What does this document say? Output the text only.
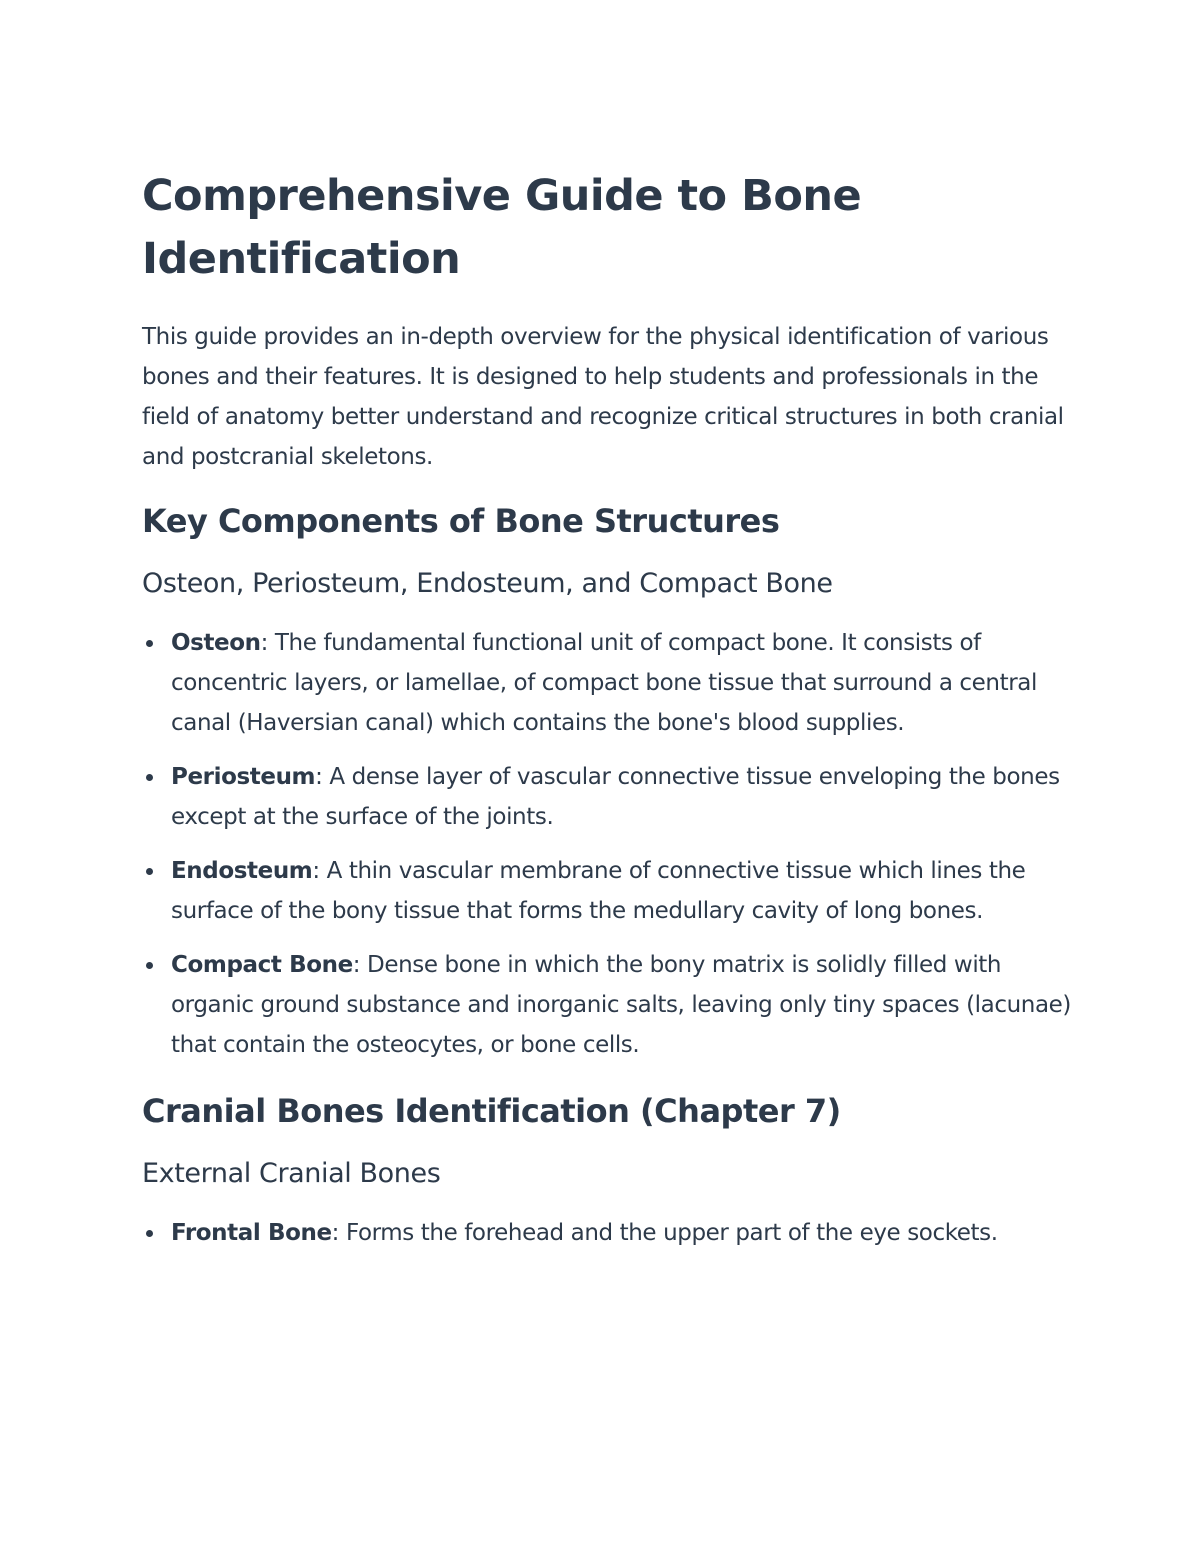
Comprehensive Guide to Bone Identification

This guide provides an in-depth overview for the physical identification of various bones and their features. It is designed to help students and professionals in the field of anatomy better understand and recognize critical structures in both cranial and postcranial skeletons.

Key Components of Bone Structures
Osteon, Periosteum, Endosteum, and Compact Bone
Osteon: The fundamental functional unit of compact bone. It consists of concentric layers, or lamellae, of compact bone tissue that surround a central canal (Haversian canal) which contains the bone's blood supplies.
Periosteum: A dense layer of vascular connective tissue enveloping the bones except at the surface of the joints.
Endosteum: A thin vascular membrane of connective tissue which lines the surface of the bony tissue that forms the medullary cavity of long bones.
Compact Bone: Dense bone in which the bony matrix is solidly filled with organic ground substance and inorganic salts, leaving only tiny spaces (lacunae) that contain the osteocytes, or bone cells.
Cranial Bones Identification (Chapter 7)
External Cranial Bones
Frontal Bone: Forms the forehead and the upper part of the eye sockets.
